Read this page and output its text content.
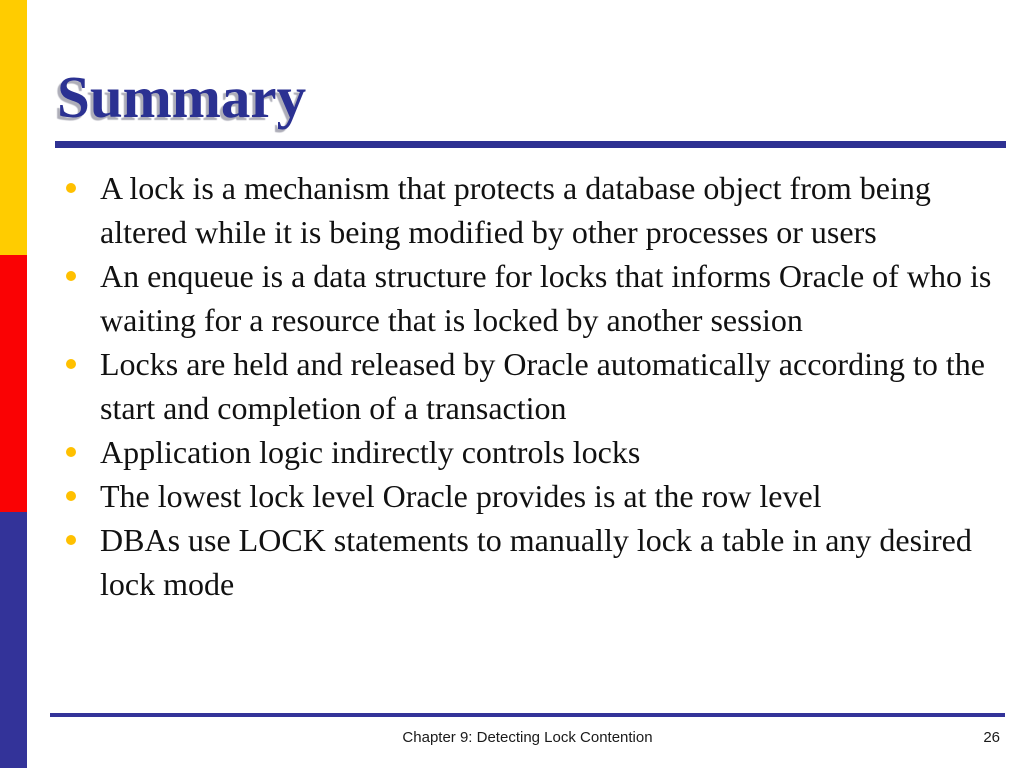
Summary
A lock is a mechanism that protects a database object from being altered while it is being modified by other processes or users
An enqueue is a data structure for locks that informs Oracle of who is waiting for a resource that is locked by another session
Locks are held and released by Oracle automatically according to the start and completion of a transaction
Application logic indirectly controls locks
The lowest lock level Oracle provides is at the row level
DBAs use LOCK statements to manually lock a table in any desired lock mode
Chapter 9: Detecting Lock Contention	26
